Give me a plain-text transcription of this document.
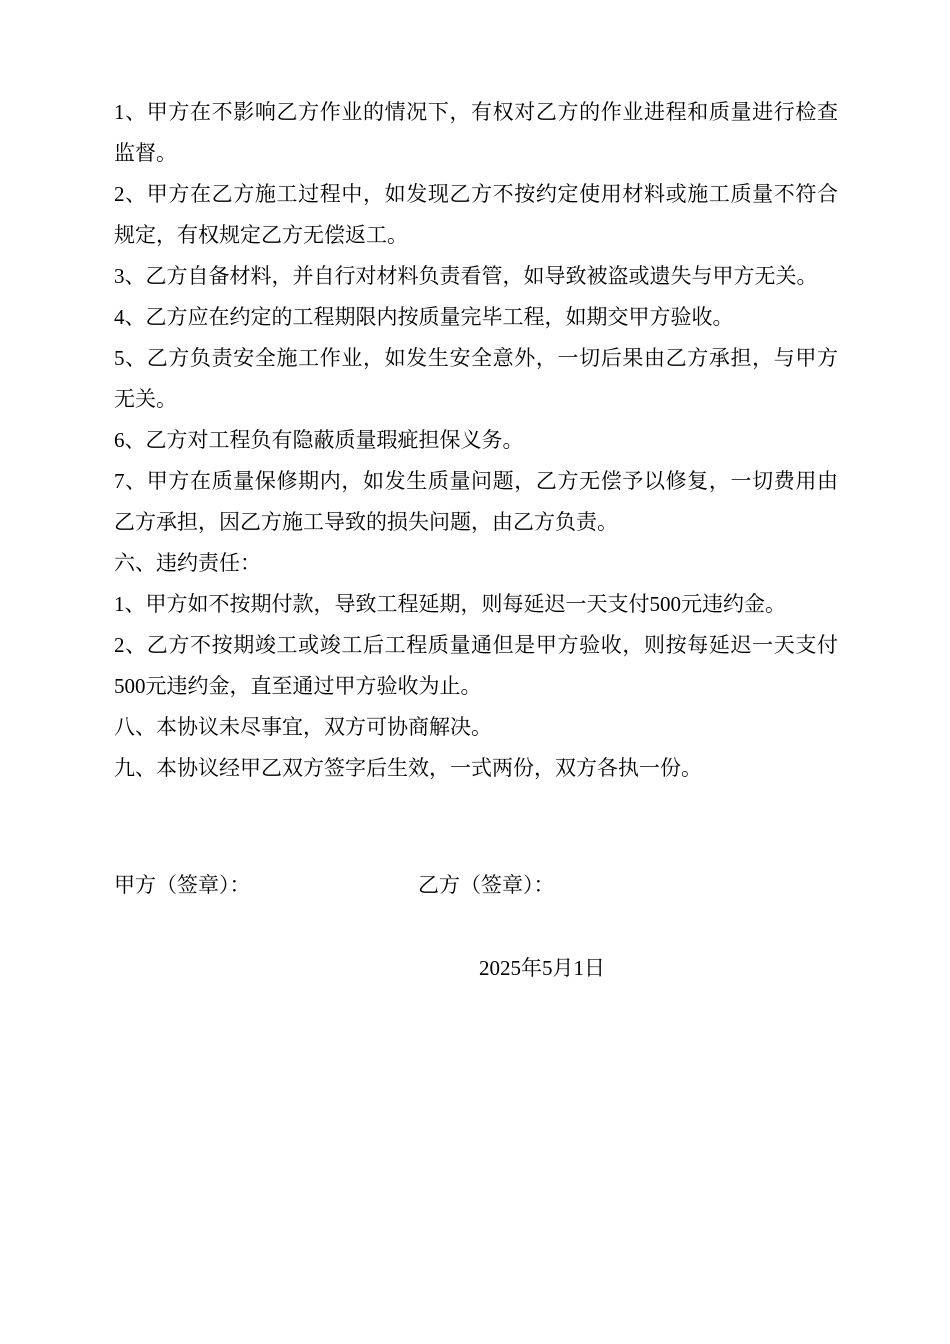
1、甲方在不影响乙方作业的情况下，有权对乙方的作业进程和质量进行检查监督。

2、甲方在乙方施工过程中，如发现乙方不按约定使用材料或施工质量不符合规定，有权规定乙方无偿返工。

3、乙方自备材料，并自行对材料负责看管，如导致被盗或遗失与甲方无关。

4、乙方应在约定的工程期限内按质量完毕工程，如期交甲方验收。

5、乙方负责安全施工作业，如发生安全意外，一切后果由乙方承担，与甲方无关。

6、乙方对工程负有隐蔽质量瑕疵担保义务。

7、甲方在质量保修期内，如发生质量问题，乙方无偿予以修复，一切费用由乙方承担，因乙方施工导致的损失问题，由乙方负责。

六、违约责任：

1、甲方如不按期付款，导致工程延期，则每延迟一天支付500元违约金。

2、乙方不按期竣工或竣工后工程质量通但是甲方验收，则按每延迟一天支付500元违约金，直至通过甲方验收为止。

八、本协议未尽事宜，双方可协商解决。

九、本协议经甲乙双方签字后生效，一式两份，双方各执一份。

甲方（签章）：	乙方（签章）：
2025年5月1日
